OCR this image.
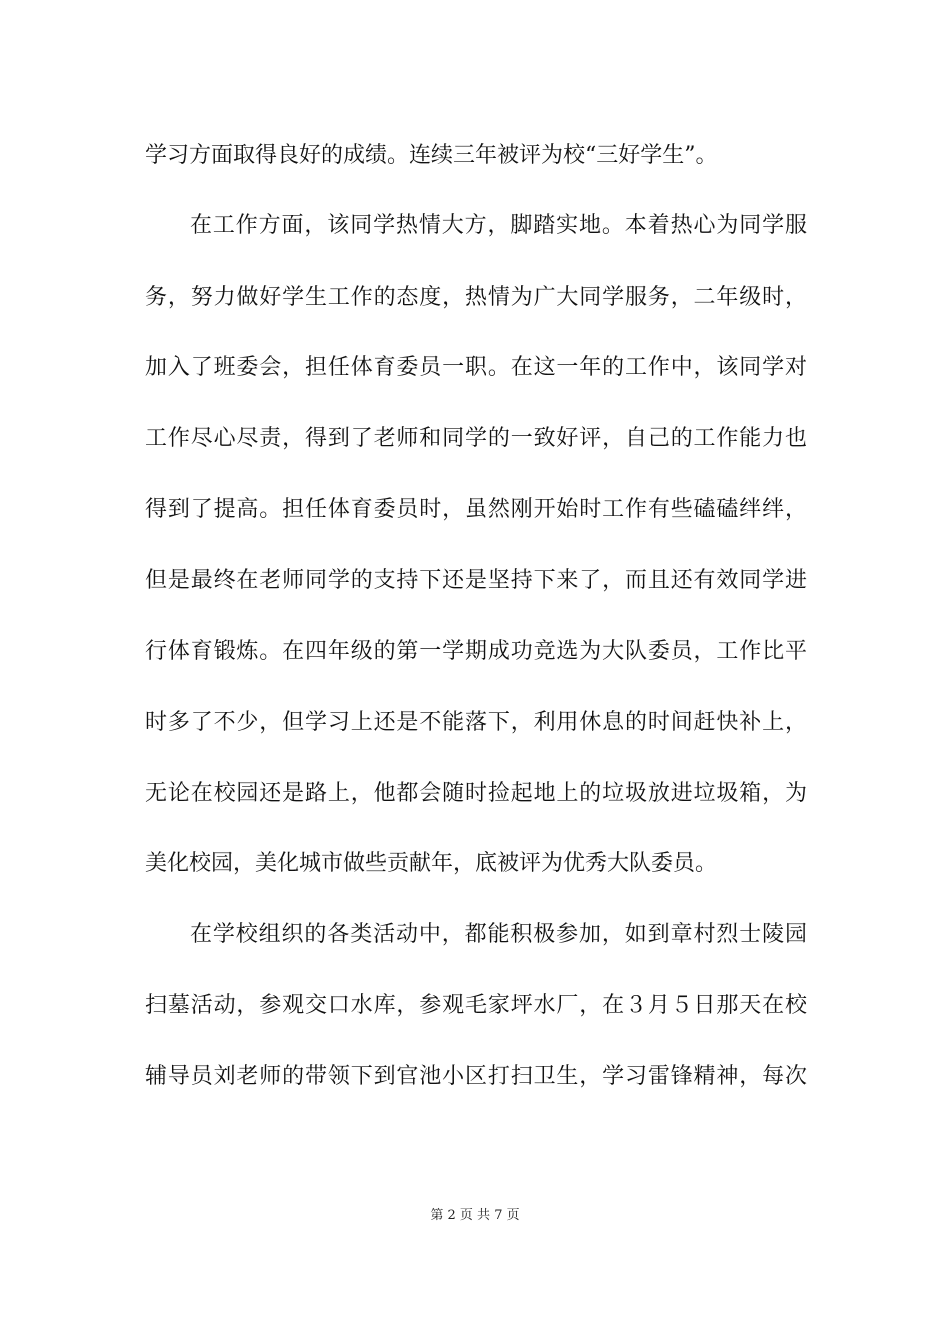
学习方面取得良好的成绩。连续三年被评为校“三好学生”。
在工作方面，该同学热情大方，脚踏实地。本着热心为同学服
务，努力做好学生工作的态度，热情为广大同学服务，二年级时，
加入了班委会，担任体育委员一职。在这一年的工作中，该同学对
工作尽心尽责，得到了老师和同学的一致好评，自己的工作能力也
得到了提高。担任体育委员时，虽然刚开始时工作有些磕磕绊绊，
但是最终在老师同学的支持下还是坚持下来了，而且还有效同学进
行体育锻炼。在四年级的第一学期成功竞选为大队委员，工作比平
时多了不少，但学习上还是不能落下，利用休息的时间赶快补上，
无论在校园还是路上，他都会随时捡起地上的垃圾放进垃圾箱，为
美化校园，美化城市做些贡献年，底被评为优秀大队委员。
在学校组织的各类活动中，都能积极参加，如到章村烈士陵园
扫墓活动，参观交口水库，参观毛家坪水厂，在３月５日那天在校
辅导员刘老师的带领下到官池小区打扫卫生，学习雷锋精神，每次
第 2 页 共 7 页
